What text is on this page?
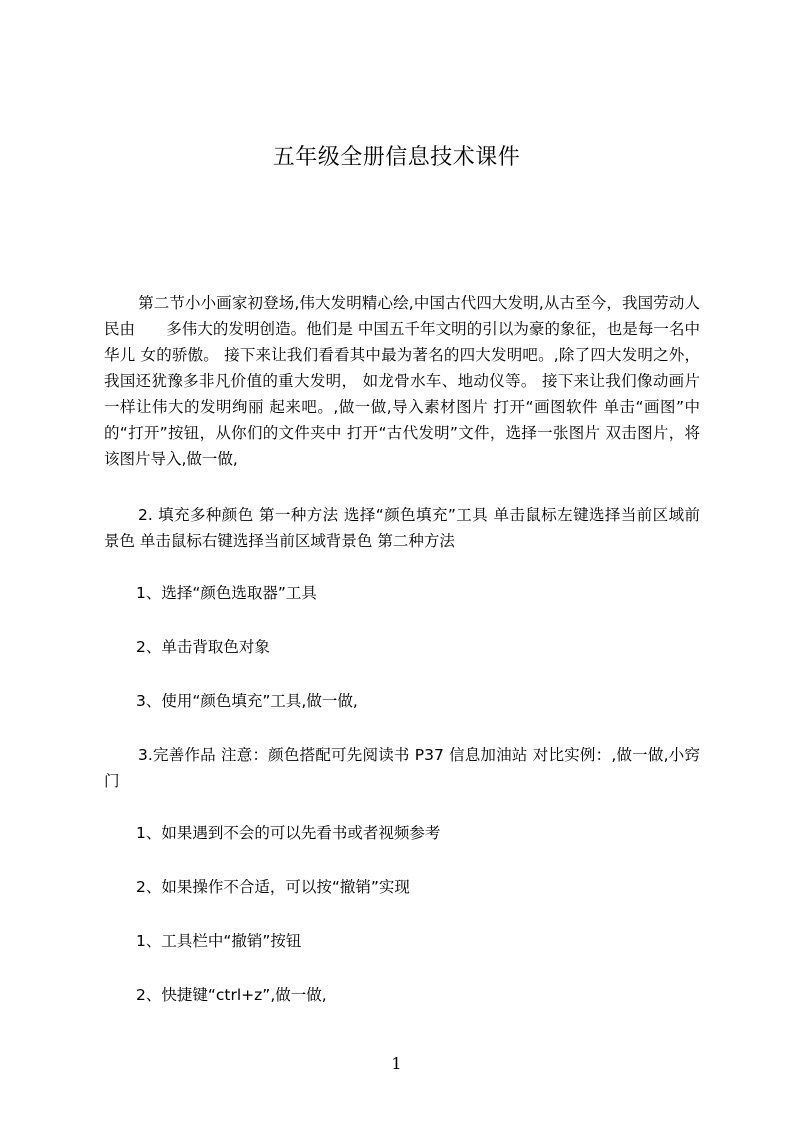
五年级全册信息技术课件
第二节小小画家初登场,伟大发明精心绘,中国古代四大发明,从古至今，我国劳动人民由　　多伟大的发明创造。他们是 中国五千年文明的引以为豪的象征，也是每一名中华儿 女的骄傲。 接下来让我们看看其中最为著名的四大发明吧。,除了四大发明之外，我国还犹豫多非凡价值的重大发明， 如龙骨水车、地动仪等。 接下来让我们像动画片一样让伟大的发明绚丽 起来吧。,做一做,导入素材图片 打开“画图软件 单击“画图”中的“打开”按钮，从你们的文件夹中 打开“古代发明”文件，选择一张图片 双击图片，将该图片导入,做一做,
2. 填充多种颜色 第一种方法 选择“颜色填充”工具 单击鼠标左键选择当前区域前景色 单击鼠标右键选择当前区域背景色 第二种方法
1、选择“颜色选取器”工具
2、单击背取色对象
3、使用“颜色填充”工具,做一做,
3.完善作品 注意：颜色搭配可先阅读书 P37 信息加油站 对比实例：,做一做,小窍门
1、如果遇到不会的可以先看书或者视频参考
2、如果操作不合适，可以按“撤销”实现
1、工具栏中“撤销”按钮
2、快捷键“ctrl+z”,做一做,
1
